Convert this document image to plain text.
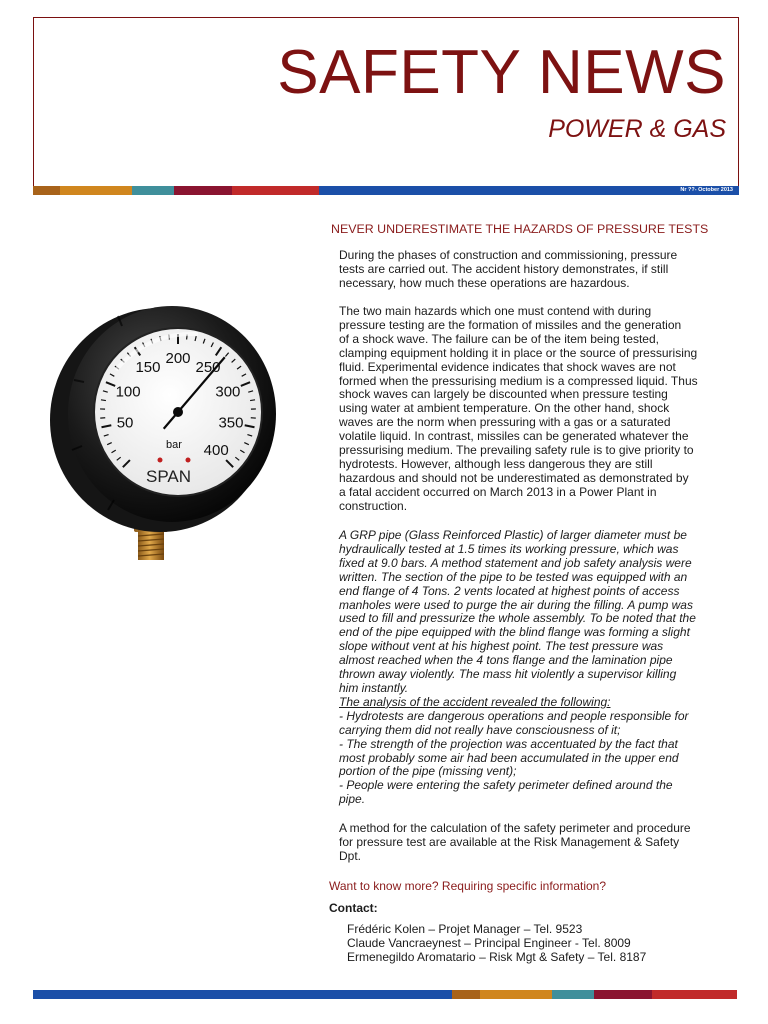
SAFETY NEWS
POWER & GAS
Nr ??- October 2013
50
100
150
200
250
300
350
400
bar
SPAN
NEVER UNDERESTIMATE THE HAZARDS OF PRESSURE TESTS
During the phases of construction and commissioning, pressure
tests are carried out. The accident history demonstrates, if still
necessary, how much these operations are hazardous.
The two main hazards which one must contend with during
pressure testing are the formation of missiles and the generation
of a shock wave. The failure can be of the item being tested,
clamping equipment holding it in place or the source of pressurising
fluid. Experimental evidence indicates that shock waves are not
formed when the pressurising medium is a compressed liquid. Thus
shock waves can largely be discounted when pressure testing
using water at ambient temperature. On the other hand, shock
waves are the norm when pressuring with a gas or a saturated
volatile liquid. In contrast, missiles can be generated whatever the
pressurising medium. The prevailing safety rule is to give priority to
hydrotests. However, although less dangerous they are still
hazardous and should not be underestimated as demonstrated by
a fatal accident occurred on March 2013 in a Power Plant in
construction.
A GRP pipe (Glass Reinforced Plastic) of larger diameter must be
hydraulically tested at 1.5 times its working pressure, which was
fixed at 9.0 bars. A method statement and job safety analysis were
written. The section of the pipe to be tested was equipped with an
end flange of 4 Tons. 2 vents located at highest points of access
manholes were used to purge the air during the filling. A pump was
used to fill and pressurize the whole assembly. To be noted that the
end of the pipe equipped with the blind flange was forming a slight
slope without vent at his highest point. The test pressure was
almost reached when the 4 tons flange and the lamination pipe
thrown away violently. The mass hit violently a supervisor killing
him instantly.
The analysis of the accident revealed the following:
- Hydrotests are dangerous operations and people responsible for
carrying them did not really have consciousness of it;
- The strength of the projection was accentuated by the fact that
most probably some air had been accumulated in the upper end
portion of the pipe (missing vent);
- People were entering the safety perimeter defined around the
pipe.
A method for the calculation of the safety perimeter and procedure
for pressure test are available at the Risk Management & Safety
Dpt.
Want to know more? Requiring specific information?
Contact:
Frédéric Kolen – Projet Manager – Tel. 9523
Claude Vancraeynest – Principal Engineer - Tel. 8009
Ermenegildo Aromatario – Risk Mgt & Safety – Tel. 8187
